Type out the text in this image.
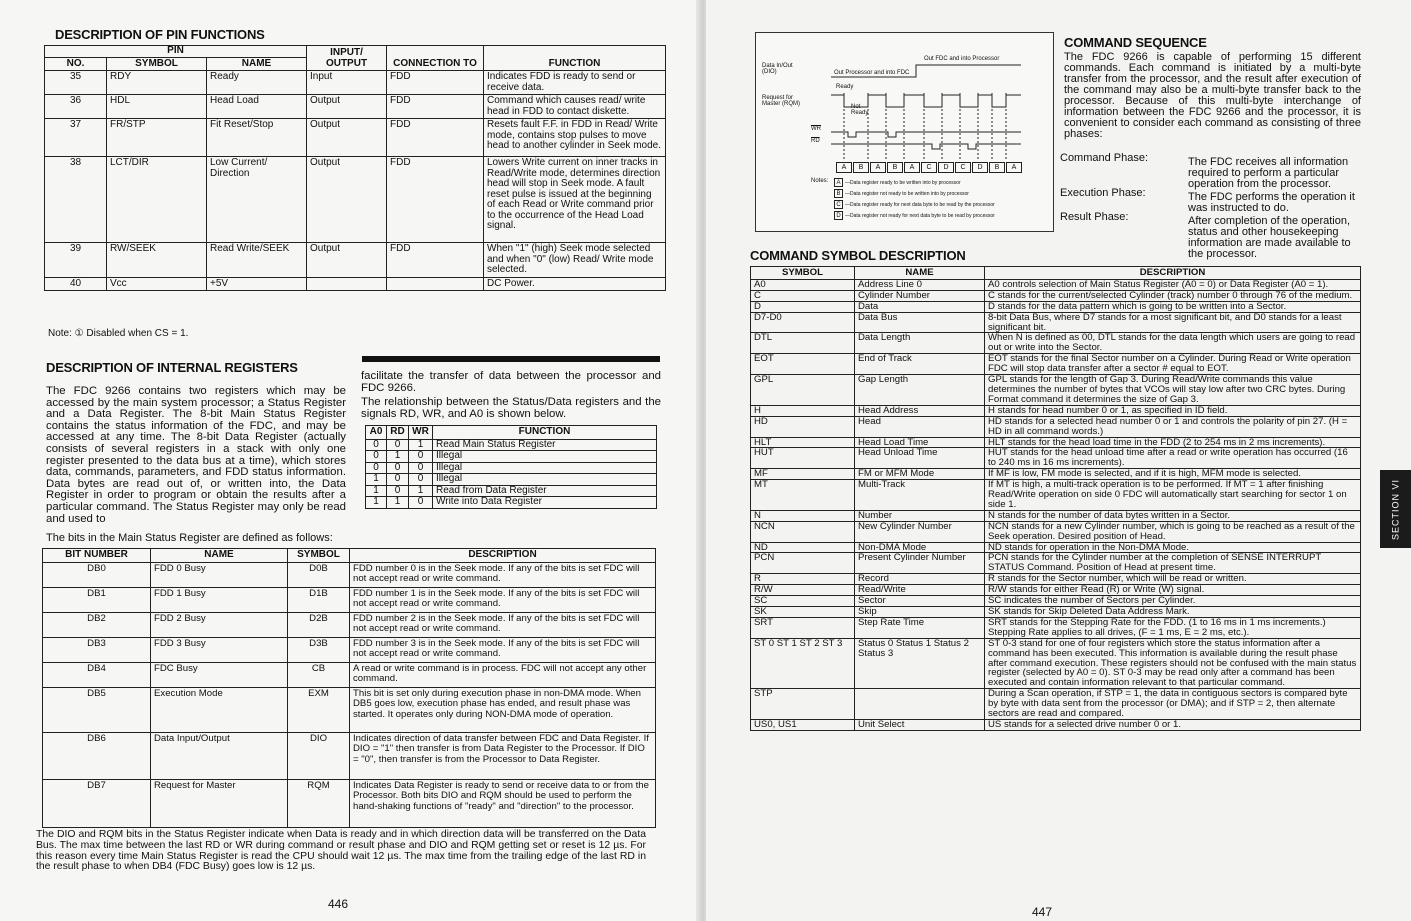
DESCRIPTION OF PIN FUNCTIONS
PIN			INPUT/ OUTPUT	CONNECTION TO	FUNCTION
NO.	SYMBOL	NAME			
35	RDY	Ready	Input	FDD	Indicates FDD is ready to send or receive data.
36	HDL	Head Load	Output	FDD	Command which causes read/ write head in FDD to contact diskette.
37	FR/STP	Fit Reset/Stop	Output	FDD	Resets fault F.F. in FDD in Read/ Write mode, contains stop pulses to move head to another cylinder in Seek mode.
38	LCT/DIR	Low Current/ Direction	Output	FDD	Lowers Write current on inner tracks in Read/Write mode, determines direction head will stop in Seek mode. A fault reset pulse is issued at the beginning of each Read or Write command prior to the occurrence of the Head Load signal.
39	RW/SEEK	Read Write/SEEK	Output	FDD	When "1" (high) Seek mode selected and when "0" (low) Read/ Write mode selected.
40	Vcc	+5V			DC Power.
Note: ① Disabled when CS = 1.
DESCRIPTION OF INTERNAL REGISTERS
The FDC 9266 contains two registers which may be accessed by the main system processor; a Status Register and a Data Register. The 8-bit Main Status Register contains the status information of the FDC, and may be accessed at any time. The 8-bit Data Register (actually consists of several registers in a stack with only one register presented to the data bus at a time), which stores data, commands, parameters, and FDD status information. Data bytes are read out of, or written into, the Data Register in order to program or obtain the results after a particular command. The Status Register may only be read and used to
facilitate the transfer of data between the processor and FDC 9266.
The relationship between the Status/Data registers and the signals RD, WR, and A0 is shown below.
A0	$\overline{RD}$	$\overline{WR}$	FUNCTION
0	0	1	Read Main Status Register
0	1	0	Illegal
0	0	0	Illegal
1	0	0	Illegal
1	0	1	Read from Data Register
1	1	0	Write into Data Register
The bits in the Main Status Register are defined as follows:
BIT NUMBER	NAME	SYMBOL	DESCRIPTION
DB0	FDD 0 Busy	D0B	FDD number 0 is in the Seek mode. If any of the bits is set FDC will not accept read or write command.
DB1	FDD 1 Busy	D1B	FDD number 1 is in the Seek mode. If any of the bits is set FDC will not accept read or write command.
DB2	FDD 2 Busy	D2B	FDD number 2 is in the Seek mode. If any of the bits is set FDC will not accept read or write command.
DB3	FDD 3 Busy	D3B	FDD number 3 is in the Seek mode. If any of the bits is set FDC will not accept read or write command.
DB4	FDC Busy	CB	A read or write command is in process. FDC will not accept any other command.
DB5	Execution Mode	EXM	This bit is set only during execution phase in non-DMA mode. When DB5 goes low, execution phase has ended, and result phase was started. It operates only during NON-DMA mode of operation.
DB6	Data Input/Output	DIO	Indicates direction of data transfer between FDC and Data Register. If DIO = "1" then transfer is from Data Register to the Processor. If DIO = "0", then transfer is from the Processor to Data Register.
DB7	Request for Master	RQM	Indicates Data Register is ready to send or receive data to or from the Processor. Both bits DIO and RQM should be used to perform the hand-shaking functions of "ready" and "direction" to the processor.
The DIO and RQM bits in the Status Register indicate when Data is ready and in which direction data will be transferred on the Data Bus. The max time between the last RD or WR during command or result phase and DIO and RQM getting set or reset is 12 µs. For this reason every time Main Status Register is read the CPU should wait 12 µs. The max time from the trailing edge of the last RD in the result phase to when DB4 (FDC Busy) goes low is 12 µs.
446
Data In/Out (DIO)
Request for Master (RQM)
$\overline{WR}$
$\overline{RD}$
Out FDC and into Processor
Out Processor and into FDC
Ready
Not Ready
A	B	A	B	A	C	D	C	D	B	A
Notes:	A —Data register ready to be written into by processor
B —Data register not ready to be written into by processor
C —Data register ready for next data byte to be read by the processor
D —Data register not ready for next data byte to be read by processor
COMMAND SEQUENCE
The FDC 9266 is capable of performing 15 different commands. Each command is initiated by a multi-byte transfer from the processor, and the result after execution of the command may also be a multi-byte transfer back to the processor. Because of this multi-byte interchange of information between the FDC 9266 and the processor, it is convenient to consider each command as consisting of three phases:
Command Phase:	The FDC receives all information required to perform a particular operation from the processor.
Execution Phase:	The FDC performs the operation it was instructed to do.
Result Phase:	After completion of the operation, status and other housekeeping information are made available to the processor.
COMMAND SYMBOL DESCRIPTION
SYMBOL	NAME	DESCRIPTION
A0	Address Line 0	A0 controls selection of Main Status Register (A0 = 0) or Data Register (A0 = 1).
C	Cylinder Number	C stands for the current/selected Cylinder (track) number 0 through 76 of the medium.
D	Data	D stands for the data pattern which is going to be written into a Sector.
D7-D0	Data Bus	8-bit Data Bus, where D7 stands for a most significant bit, and D0 stands for a least significant bit.
DTL	Data Length	When N is defined as 00, DTL stands for the data length which users are going to read out or write into the Sector.
EOT	End of Track	EOT stands for the final Sector number on a Cylinder. During Read or Write operation FDC will stop data transfer after a sector # equal to EOT.
GPL	Gap Length	GPL stands for the length of Gap 3. During Read/Write commands this value determines the number of bytes that VCOs will stay low after two CRC bytes. During Format command it determines the size of Gap 3.
H	Head Address	H stands for head number 0 or 1, as specified in ID field.
HD	Head	HD stands for a selected head number 0 or 1 and controls the polarity of pin 27. (H = HD in all command words.)
HLT	Head Load Time	HLT stands for the head load time in the FDD (2 to 254 ms in 2 ms increments).
HUT	Head Unload Time	HUT stands for the head unload time after a read or write operation has occurred (16 to 240 ms in 16 ms increments).
MF	FM or MFM Mode	If MF is low, FM mode is selected, and if it is high, MFM mode is selected.
MT	Multi-Track	If MT is high, a multi-track operation is to be performed. If MT = 1 after finishing Read/Write operation on side 0 FDC will automatically start searching for sector 1 on side 1.
N	Number	N stands for the number of data bytes written in a Sector.
NCN	New Cylinder Number	NCN stands for a new Cylinder number, which is going to be reached as a result of the Seek operation. Desired position of Head.
ND	Non-DMA Mode	ND stands for operation in the Non-DMA Mode.
PCN	Present Cylinder Number	PCN stands for the Cylinder number at the completion of SENSE INTERRUPT STATUS Command. Position of Head at present time.
R	Record	R stands for the Sector number, which will be read or written.
R/W	Read/Write	R/W stands for either Read (R) or Write (W) signal.
SC	Sector	SC indicates the number of Sectors per Cylinder.
SK	Skip	SK stands for Skip Deleted Data Address Mark.
SRT	Step Rate Time	SRT stands for the Stepping Rate for the FDD. (1 to 16 ms in 1 ms increments.) Stepping Rate applies to all drives, (F = 1 ms, E = 2 ms, etc.).
ST 0 ST 1 ST 2 ST 3	Status 0 Status 1 Status 2 Status 3	ST 0-3 stand for one of four registers which store the status information after a command has been executed. This information is available during the result phase after command execution. These registers should not be confused with the main status register (selected by A0 = 0). ST 0-3 may be read only after a command has been executed and contain information relevant to that particular command.
STP		During a Scan operation, if STP = 1, the data in contiguous sectors is compared byte by byte with data sent from the processor (or DMA); and if STP = 2, then alternate sectors are read and compared.
US0, US1	Unit Select	US stands for a selected drive number 0 or 1.
447
SECTION VI
